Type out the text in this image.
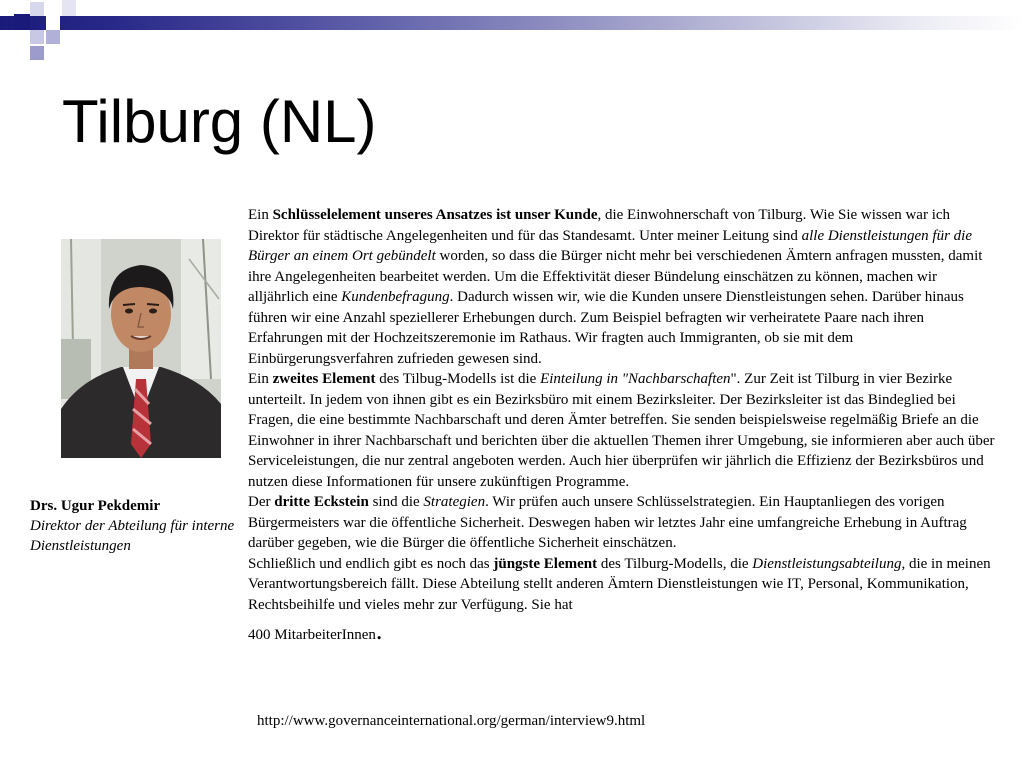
Tilburg (NL)
Drs. Ugur Pekdemir
Direktor der Abteilung für interne Dienstleistungen

Ein Schlüsselelement unseres Ansatzes ist unser Kunde, die Einwohnerschaft von Tilburg. Wie Sie wissen war ich Direktor für städtische Angelegenheiten und für das Standesamt. Unter meiner Leitung sind alle Dienstleistungen für die Bürger an einem Ort gebündelt worden, so dass die Bürger nicht mehr bei verschiedenen Ämtern anfragen mussten, damit ihre Angelegenheiten bearbeitet werden. Um die Effektivität dieser Bündelung einschätzen zu können, machen wir alljährlich eine Kundenbefragung. Dadurch wissen wir, wie die Kunden unsere Dienstleistungen sehen. Darüber hinaus führen wir eine Anzahl speziellerer Erhebungen durch. Zum Beispiel befragten wir verheiratete Paare nach ihren Erfahrungen mit der Hochzeitszeremonie im Rathaus. Wir fragten auch Immigranten, ob sie mit dem Einbürgerungsverfahren zufrieden gewesen sind.

Ein zweites Element des Tilbug-Modells ist die Einteilung in "Nachbarschaften". Zur Zeit ist Tilburg in vier Bezirke unterteilt. In jedem von ihnen gibt es ein Bezirksbüro mit einem Bezirksleiter. Der Bezirksleiter ist das Bindeglied bei Fragen, die eine bestimmte Nachbarschaft und deren Ämter betreffen. Sie senden beispielsweise regelmäßig Briefe an die Einwohner in ihrer Nachbarschaft und berichten über die aktuellen Themen ihrer Umgebung, sie informieren aber auch über Serviceleistungen, die nur zentral angeboten werden. Auch hier überprüfen wir jährlich die Effizienz der Bezirksbüros und nutzen diese Informationen für unsere zukünftigen Programme.

Der dritte Eckstein sind die Strategien. Wir prüfen auch unsere Schlüsselstrategien. Ein Hauptanliegen des vorigen Bürgermeisters war die öffentliche Sicherheit. Deswegen haben wir letztes Jahr eine umfangreiche Erhebung in Auftrag darüber gegeben, wie die Bürger die öffentliche Sicherheit einschätzen.

Schließlich und endlich gibt es noch das jüngste Element des Tilburg-Modells, die Dienstleistungsabteilung, die in meinen Verantwortungsbereich fällt. Diese Abteilung stellt anderen Ämtern Dienstleistungen wie IT, Personal, Kommunikation, Rechtsbeihilfe und vieles mehr zur Verfügung. Sie hat

400 MitarbeiterInnen.

http://www.governanceinternational.org/german/interview9.html
